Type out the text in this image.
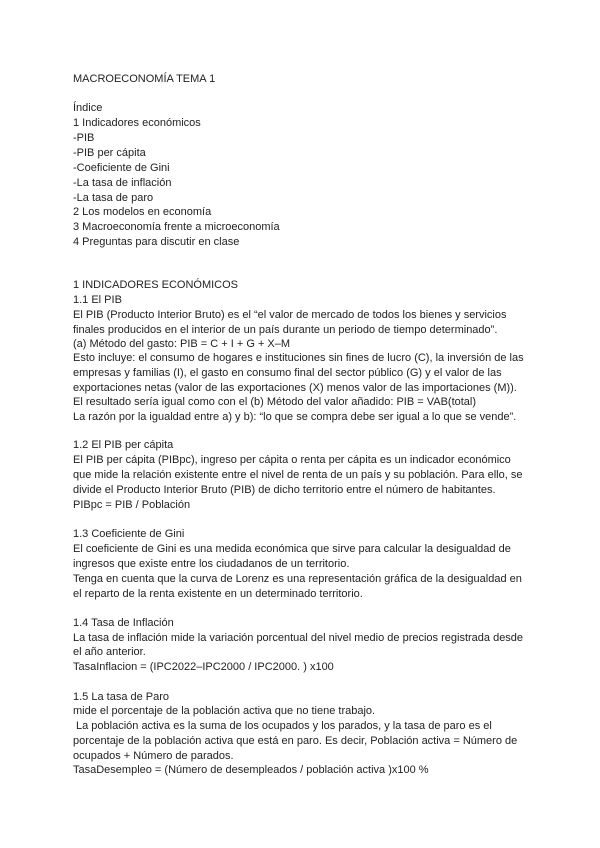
MACROECONOMÍA TEMA 1
Índice
1 Indicadores económicos
-PIB
-PIB per cápita
-Coeficiente de Gini
-La tasa de inflación
-La tasa de paro
2 Los modelos en economía
3 Macroeconomía frente a microeconomía
4 Preguntas para discutir en clase
1 INDICADORES ECONÓMICOS
1.1 El PIB
El PIB (Producto Interior Bruto) es el “el valor de mercado de todos los bienes y servicios
finales producidos en el interior de un país durante un periodo de tiempo determinado”.
(a) Método del gasto: PIB = C + I + G + X–M
Esto incluye: el consumo de hogares e instituciones sin fines de lucro (C), la inversión de las
empresas y familias (I), el gasto en consumo final del sector público (G) y el valor de las
exportaciones netas (valor de las exportaciones (X) menos valor de las importaciones (M)).
El resultado sería igual como con el (b) Método del valor añadido: PIB = VAB(total)
La razón por la igualdad entre a) y b): “lo que se compra debe ser igual a lo que se vende”.
1.2 El PIB per cápita
El PIB per cápita (PIBpc), ingreso per cápita o renta per cápita es un indicador económico
que mide la relación existente entre el nivel de renta de un país y su población. Para ello, se
divide el Producto Interior Bruto (PIB) de dicho territorio entre el número de habitantes.
PIBpc = PIB / Población
1.3 Coeficiente de Gini
El coeficiente de Gini es una medida económica que sirve para calcular la desigualdad de
ingresos que existe entre los ciudadanos de un territorio.
Tenga en cuenta que la curva de Lorenz es una representación gráfica de la desigualdad en
el reparto de la renta existente en un determinado territorio.
1.4 Tasa de Inflación
La tasa de inflación mide la variación porcentual del nivel medio de precios registrada desde
el año anterior.
TasaInflacion = (IPC2022–IPC2000 / IPC2000. ) x100
1.5 La tasa de Paro
mide el porcentaje de la población activa que no tiene trabajo.
La población activa es la suma de los ocupados y los parados, y la tasa de paro es el
porcentaje de la población activa que está en paro. Es decir, Población activa = Número de
ocupados + Número de parados.
TasaDesempleo = (Número de desempleados / población activa )x100 %
